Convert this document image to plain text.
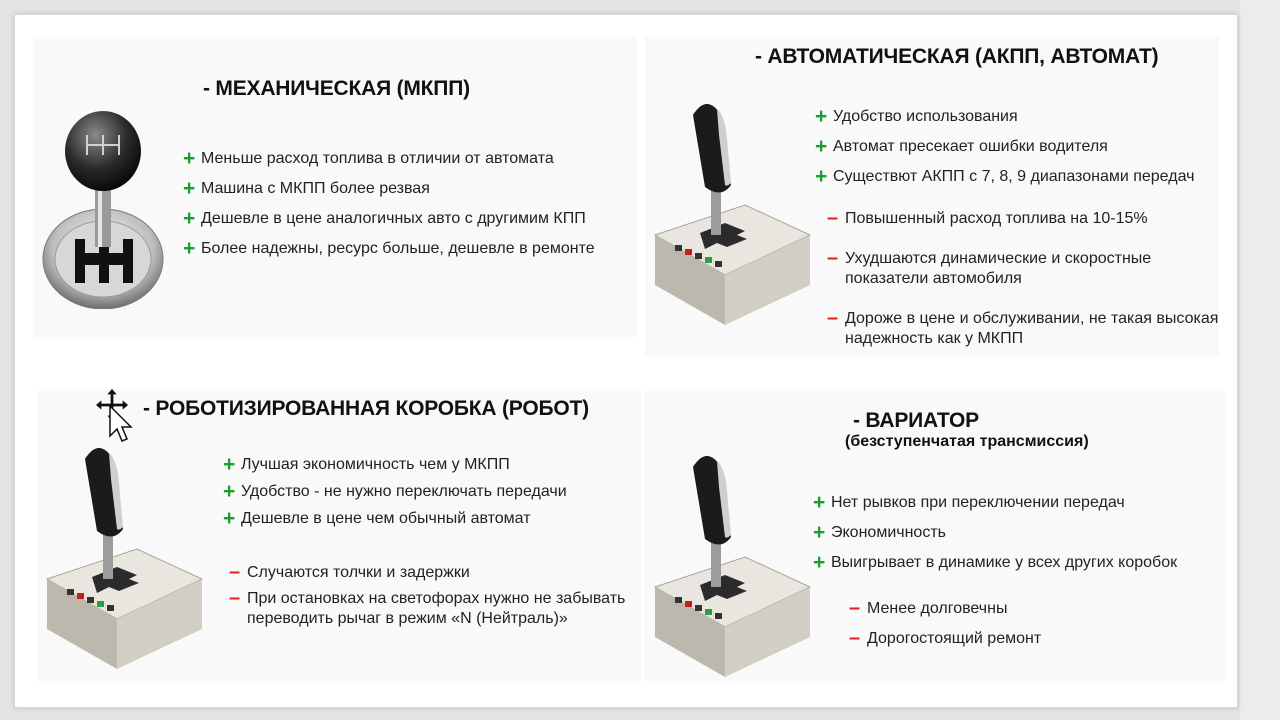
- МЕХАНИЧЕСКАЯ (МКПП)
+ Меньше расход топлива в отличии от автомата
+ Машина с МКПП более резвая
+ Дешевле в цене аналогичных авто с другимим КПП
+ Более надежны, ресурс больше, дешевле в ремонте
- АВТОМАТИЧЕСКАЯ (АКПП, АВТОМАТ)
+ Удобство использования
+ Автомат пресекает ошибки водителя
+ Существют АКПП с 7, 8, 9 диапазонами передач
– Повышенный расход топлива на 10-15%
– Ухудшаются динамические и скоростные показатели автомобиля
– Дороже в цене и обслуживании, не такая высокая надежность как у МКПП
- РОБОТИЗИРОВАННАЯ КОРОБКА (РОБОТ)
+ Лучшая экономичность чем у МКПП
+ Удобство - не нужно переключать передачи
+ Дешевле в цене чем обычный автомат
– Случаются толчки и задержки
– При остановках на светофорах нужно не забывать переводить рычаг в режим «N (Нейтраль)»
- ВАРИАТОР
(безступенчатая трансмиссия)
+ Нет рывков при переключении передач
+ Экономичность
+ Выигрывает в динамике у всех других коробок
– Менее долговечны
– Дорогостоящий ремонт
